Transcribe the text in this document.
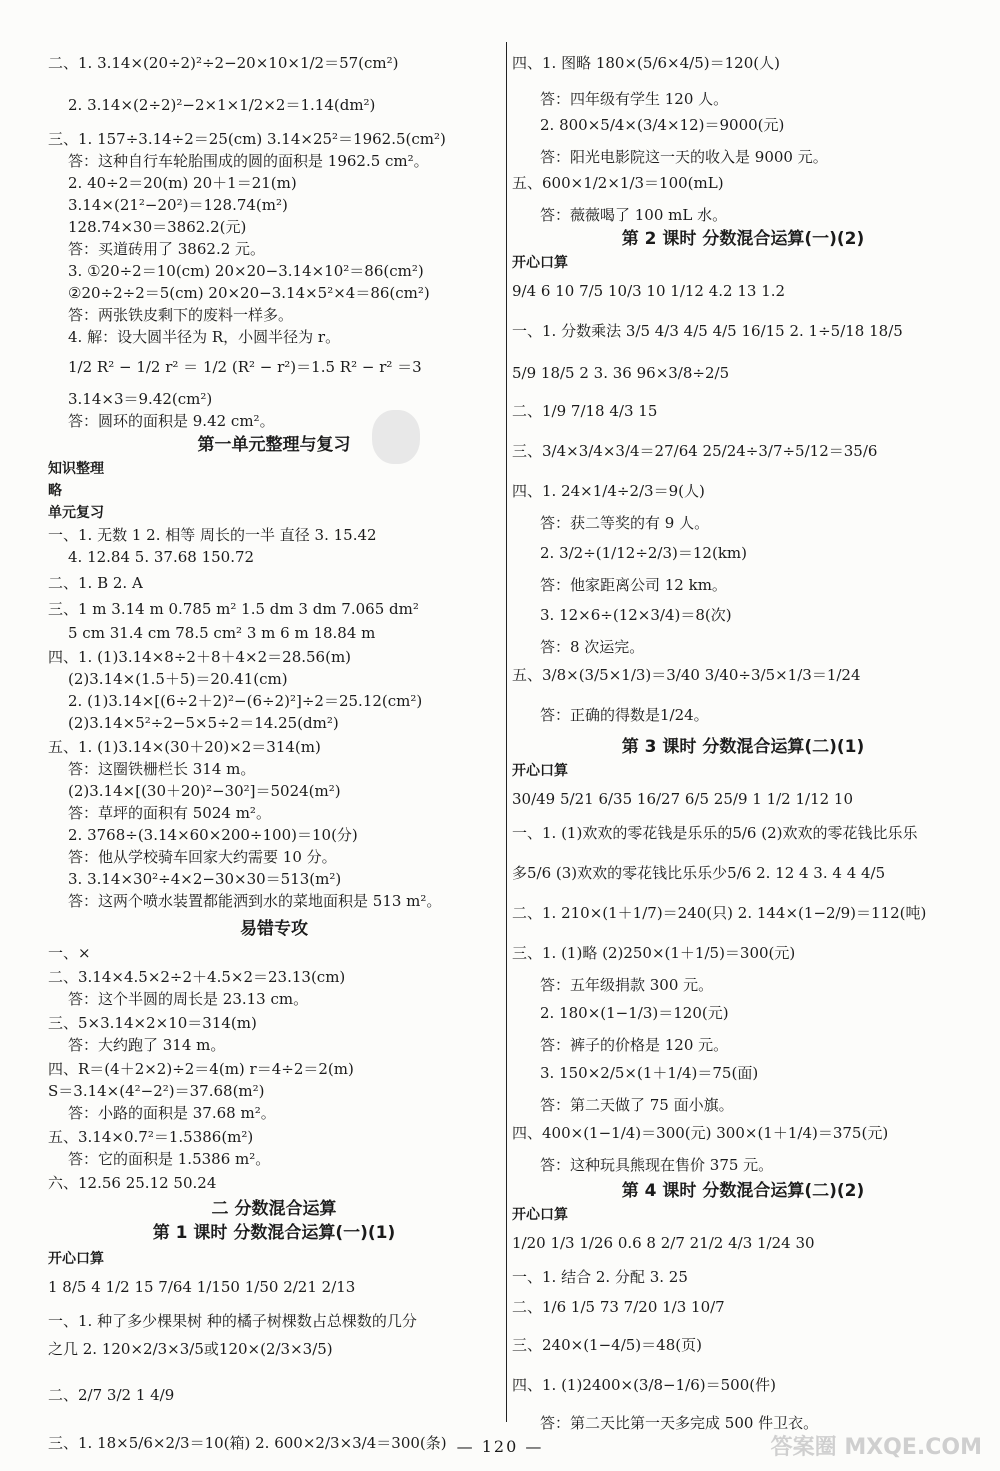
二、1. 3.14×(20÷2)²÷2−20×10×1/2＝57(cm²)
2. 3.14×(2÷2)²−2×1×1/2×2＝1.14(dm²)
三、1. 157÷3.14÷2＝25(cm) 3.14×25²＝1962.5(cm²)
答：这种自行车轮胎围成的圆的面积是 1962.5 cm²。
2. 40÷2＝20(m) 20＋1＝21(m)
3.14×(21²−20²)＝128.74(m²)
128.74×30＝3862.2(元)
答：买道砖用了 3862.2 元。
3. ①20÷2＝10(cm) 20×20−3.14×10²＝86(cm²)
②20÷2÷2＝5(cm) 20×20−3.14×5²×4＝86(cm²)
答：两张铁皮剩下的废料一样多。
4. 解：设大圆半径为 R，小圆半径为 r。
1/2 R² − 1/2 r² ＝ 1/2 (R² − r²)＝1.5 R² − r² ＝3
3.14×3＝9.42(cm²)
答：圆环的面积是 9.42 cm²。
第一单元整理与复习
知识整理
略
单元复习
一、1. 无数 1 2. 相等 周长的一半 直径 3. 15.42
4. 12.84 5. 37.68 150.72
二、1. B 2. A
三、1 m 3.14 m 0.785 m² 1.5 dm 3 dm 7.065 dm²
5 cm 31.4 cm 78.5 cm² 3 m 6 m 18.84 m
四、1. (1)3.14×8÷2＋8＋4×2＝28.56(m)
(2)3.14×(1.5＋5)＝20.41(cm)
2. (1)3.14×[(6÷2＋2)²−(6÷2)²]÷2＝25.12(cm²)
(2)3.14×5²÷2−5×5÷2＝14.25(dm²)
五、1. (1)3.14×(30＋20)×2＝314(m)
答：这圈铁栅栏长 314 m。
(2)3.14×[(30＋20)²−30²]＝5024(m²)
答：草坪的面积有 5024 m²。
2. 3768÷(3.14×60×200÷100)＝10(分)
答：他从学校骑车回家大约需要 10 分。
3. 3.14×30²÷4×2−30×30＝513(m²)
答：这两个喷水装置都能洒到水的菜地面积是 513 m²。
易错专攻
一、×
二、3.14×4.5×2÷2＋4.5×2＝23.13(cm)
答：这个半圆的周长是 23.13 cm。
三、5×3.14×2×10＝314(m)
答：大约跑了 314 m。
四、R＝(4＋2×2)÷2＝4(m) r＝4÷2＝2(m)
S＝3.14×(4²−2²)＝37.68(m²)
答：小路的面积是 37.68 m²。
五、3.14×0.7²＝1.5386(m²)
答：它的面积是 1.5386 m²。
六、12.56 25.12 50.24
二 分数混合运算
第 1 课时 分数混合运算(一)(1)
开心口算
1 8/5 4 1/2 15 7/64 1/150 1/50 2/21 2/13
一、1. 种了多少棵果树 种的橘子树棵数占总棵数的几分
之几 2. 120×2/3×3/5或120×(2/3×3/5)
二、2/7 3/2 1 4/9
三、1. 18×5/6×2/3＝10(箱) 2. 600×2/3×3/4＝300(条)
四、1. 图略 180×(5/6×4/5)＝120(人)
答：四年级有学生 120 人。
2. 800×5/4×(3/4×12)＝9000(元)
答：阳光电影院这一天的收入是 9000 元。
五、600×1/2×1/3＝100(mL)
答：薇薇喝了 100 mL 水。
第 2 课时 分数混合运算(一)(2)
开心口算
9/4 6 10 7/5 10/3 10 1/12 4.2 13 1.2
一、1. 分数乘法 3/5 4/3 4/5 4/5 16/15 2. 1÷5/18 18/5
5/9 18/5 2 3. 36 96×3/8÷2/5
二、1/9 7/18 4/3 15
三、3/4×3/4×3/4＝27/64 25/24÷3/7÷5/12＝35/6
四、1. 24×1/4÷2/3＝9(人)
答：获二等奖的有 9 人。
2. 3/2÷(1/12÷2/3)＝12(km)
答：他家距离公司 12 km。
3. 12×6÷(12×3/4)＝8(次)
答：8 次运完。
五、3/8×(3/5×1/3)＝3/40 3/40÷3/5×1/3＝1/24
答：正确的得数是1/24。
第 3 课时 分数混合运算(二)(1)
开心口算
30/49 5/21 6/35 16/27 6/5 25/9 1 1/2 1/12 10
一、1. (1)欢欢的零花钱是乐乐的5/6 (2)欢欢的零花钱比乐乐
多5/6 (3)欢欢的零花钱比乐乐少5/6 2. 12 4 3. 4 4 4/5
二、1. 210×(1＋1/7)＝240(只) 2. 144×(1−2/9)＝112(吨)
三、1. (1)略 (2)250×(1＋1/5)＝300(元)
答：五年级捐款 300 元。
2. 180×(1−1/3)＝120(元)
答：裤子的价格是 120 元。
3. 150×2/5×(1＋1/4)＝75(面)
答：第二天做了 75 面小旗。
四、400×(1−1/4)＝300(元) 300×(1＋1/4)＝375(元)
答：这种玩具熊现在售价 375 元。
第 4 课时 分数混合运算(二)(2)
开心口算
1/20 1/3 1/26 0.6 8 2/7 21/2 4/3 1/24 30
一、1. 结合 2. 分配 3. 25
二、1/6 1/5 73 7/20 1/3 10/7
三、240×(1−4/5)＝48(页)
四、1. (1)2400×(3/8−1/6)＝500(件)
答：第二天比第一天多完成 500 件卫衣。
— 120 —	答案圈 MXQE.COM
